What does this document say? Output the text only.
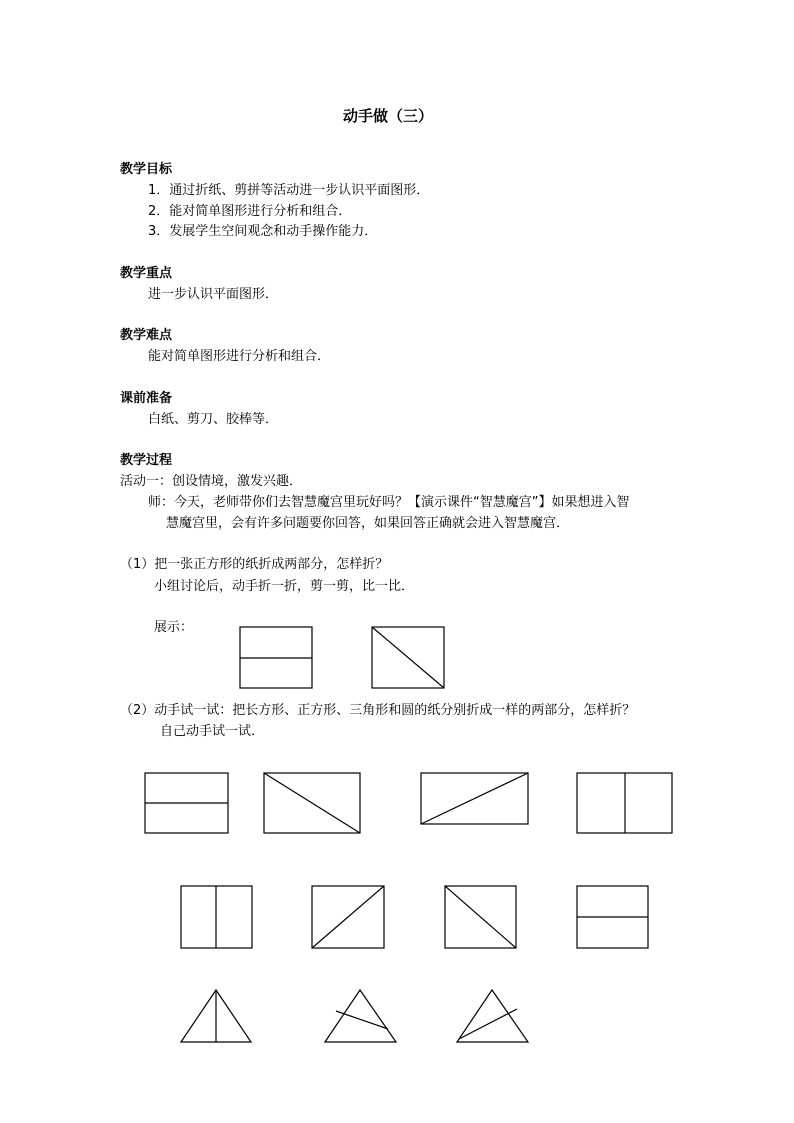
动手做（三）
教学目标
1．通过折纸、剪拼等活动进一步认识平面图形．
2．能对简单图形进行分析和组合．
3．发展学生空间观念和动手操作能力．
教学重点
进一步认识平面图形．
教学难点
能对简单图形进行分析和组合．
课前准备
白纸、剪刀、胶棒等．
教学过程
活动一：创设情境，激发兴趣．
师：今天，老师带你们去智慧魔宫里玩好吗？【演示课件“智慧魔宫”】如果想进入智
慧魔宫里，会有许多问题要你回答，如果回答正确就会进入智慧魔宫．
（1）把一张正方形的纸折成两部分，怎样折？
小组讨论后，动手折一折，剪一剪，比一比．
展示：
（2）动手试一试：把长方形、正方形、三角形和圆的纸分别折成一样的两部分，怎样折？
自己动手试一试．
